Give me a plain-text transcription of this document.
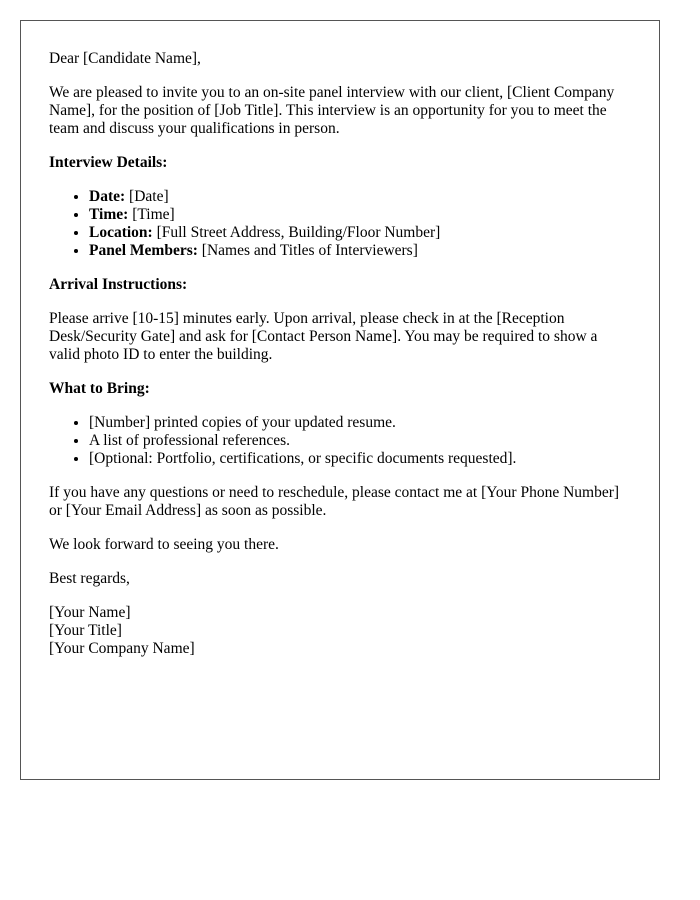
Dear [Candidate Name],

We are pleased to invite you to an on-site panel interview with our client, [Client Company Name], for the position of [Job Title]. This interview is an opportunity for you to meet the team and discuss your qualifications in person.

Interview Details:
• Date: [Date]
• Time: [Time]
• Location: [Full Street Address, Building/Floor Number]
• Panel Members: [Names and Titles of Interviewers]
Arrival Instructions:

Please arrive [10-15] minutes early. Upon arrival, please check in at the [Reception Desk/Security Gate] and ask for [Contact Person Name]. You may be required to show a valid photo ID to enter the building.

What to Bring:
• [Number] printed copies of your updated resume.
• A list of professional references.
• [Optional: Portfolio, certifications, or specific documents requested].

If you have any questions or need to reschedule, please contact me at [Your Phone Number] or [Your Email Address] as soon as possible.

We look forward to seeing you there.

Best regards,

[Your Name]

[Your Title]

[Your Company Name]
